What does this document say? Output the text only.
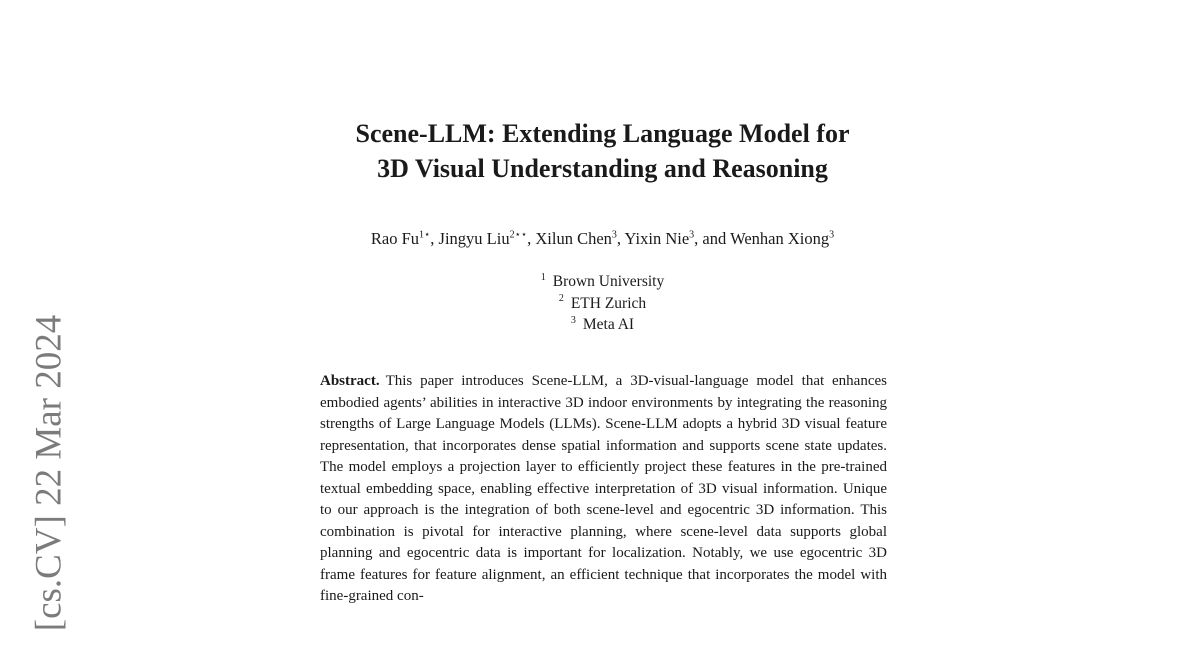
[cs.CV] 22 Mar 2024
Scene-LLM: Extending Language Model for
3D Visual Understanding and Reasoning
Rao $Fu^{1⋆}$, Jingyu Liu$^{2⋆⋆}$, Xilun Chen$^3$, Yixin Nie$^3$, and Wenhan Xiong$^3$
$^1$ Brown University
$^2$ ETH Zurich
$^3$ Meta AI

Abstract. This paper introduces Scene-LLM, a 3D-visual-language model that enhances embodied agents’ abilities in interactive 3D indoor environments by integrating the reasoning strengths of Large Language Models (LLMs). Scene-LLM adopts a hybrid 3D visual feature representation, that incorporates dense spatial information and supports scene state updates. The model employs a projection layer to efficiently project these features in the pre-trained textual embedding space, enabling effective interpretation of 3D visual information. Unique to our approach is the integration of both scene-level and egocentric 3D information. This combination is pivotal for interactive planning, where scene-level data supports global planning and egocentric data is important for localization. Notably, we use egocentric 3D frame features for feature alignment, an efficient technique that incorporates the model with fine-grained con-
